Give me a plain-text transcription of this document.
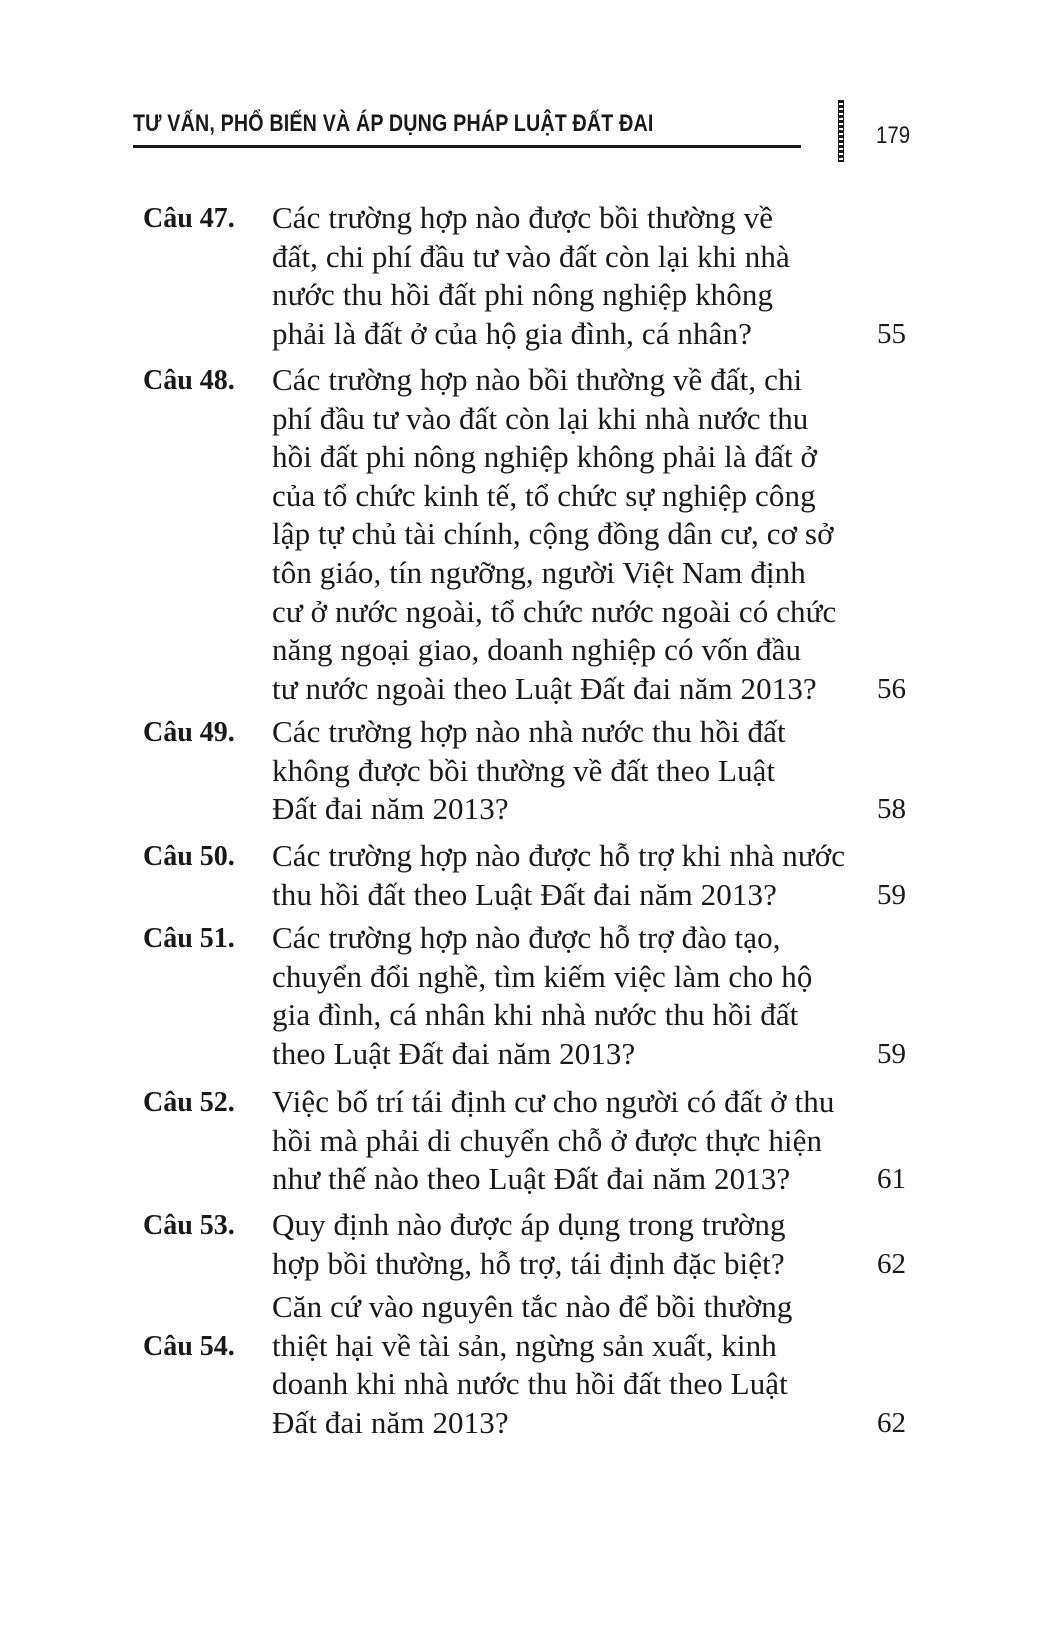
TƯ VẤN, PHỔ BIẾN VÀ ÁP DỤNG PHÁP LUẬT ĐẤT ĐAI	179
Câu 47. Các trường hợp nào được bồi thường về
đất, chi phí đầu tư vào đất còn lại khi nhà
nước thu hồi đất phi nông nghiệp không
phải là đất ở của hộ gia đình, cá nhân?	55
Câu 48. Các trường hợp nào bồi thường về đất, chi
phí đầu tư vào đất còn lại khi nhà nước thu
hồi đất phi nông nghiệp không phải là đất ở
của tổ chức kinh tế, tổ chức sự nghiệp công
lập tự chủ tài chính, cộng đồng dân cư, cơ sở
tôn giáo, tín ngưỡng, người Việt Nam định
cư ở nước ngoài, tổ chức nước ngoài có chức
năng ngoại giao, doanh nghiệp có vốn đầu
tư nước ngoài theo Luật Đất đai năm 2013? 56
Câu 49. Các trường hợp nào nhà nước thu hồi đất
không được bồi thường về đất theo Luật
Đất đai năm 2013?	58
Câu 50. Các trường hợp nào được hỗ trợ khi nhà nước
thu hồi đất theo Luật Đất đai năm 2013?	59
Câu 51. Các trường hợp nào được hỗ trợ đào tạo,
chuyển đổi nghề, tìm kiếm việc làm cho hộ
gia đình, cá nhân khi nhà nước thu hồi đất
theo Luật Đất đai năm 2013?	59
Câu 52. Việc bố trí tái định cư cho người có đất ở thu
hồi mà phải di chuyển chỗ ở được thực hiện
như thế nào theo Luật Đất đai năm 2013?	61
Câu 53. Quy định nào được áp dụng trong trường
hợp bồi thường, hỗ trợ, tái định đặc biệt?	62
Câu 54.
Căn cứ vào nguyên tắc nào để bồi thường
thiệt hại về tài sản, ngừng sản xuất, kinh
doanh khi nhà nước thu hồi đất theo Luật
Đất đai năm 2013?	62
